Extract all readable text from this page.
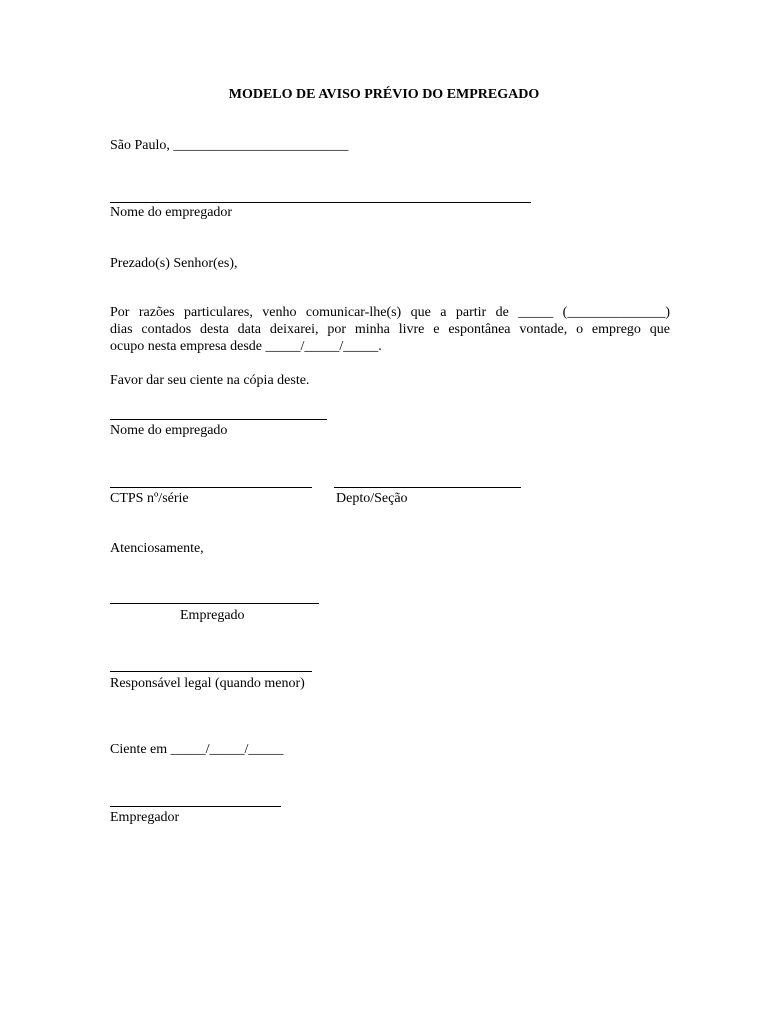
MODELO DE AVISO PRÉVIO DO EMPREGADO
São Paulo, _________________________
Nome do empregador
Prezado(s) Senhor(es),
Por razões particulares, venho comunicar-lhe(s) que a partir de _____ (______________)
dias contados desta data deixarei, por minha livre e espontânea vontade, o emprego que
ocupo nesta empresa desde _____/_____/_____.
Favor dar seu ciente na cópia deste.
Nome do empregado
CTPS nº/série	Depto/Seção
Atenciosamente,
Empregado
Responsável legal (quando menor)
Ciente em _____/_____/_____
Empregador
